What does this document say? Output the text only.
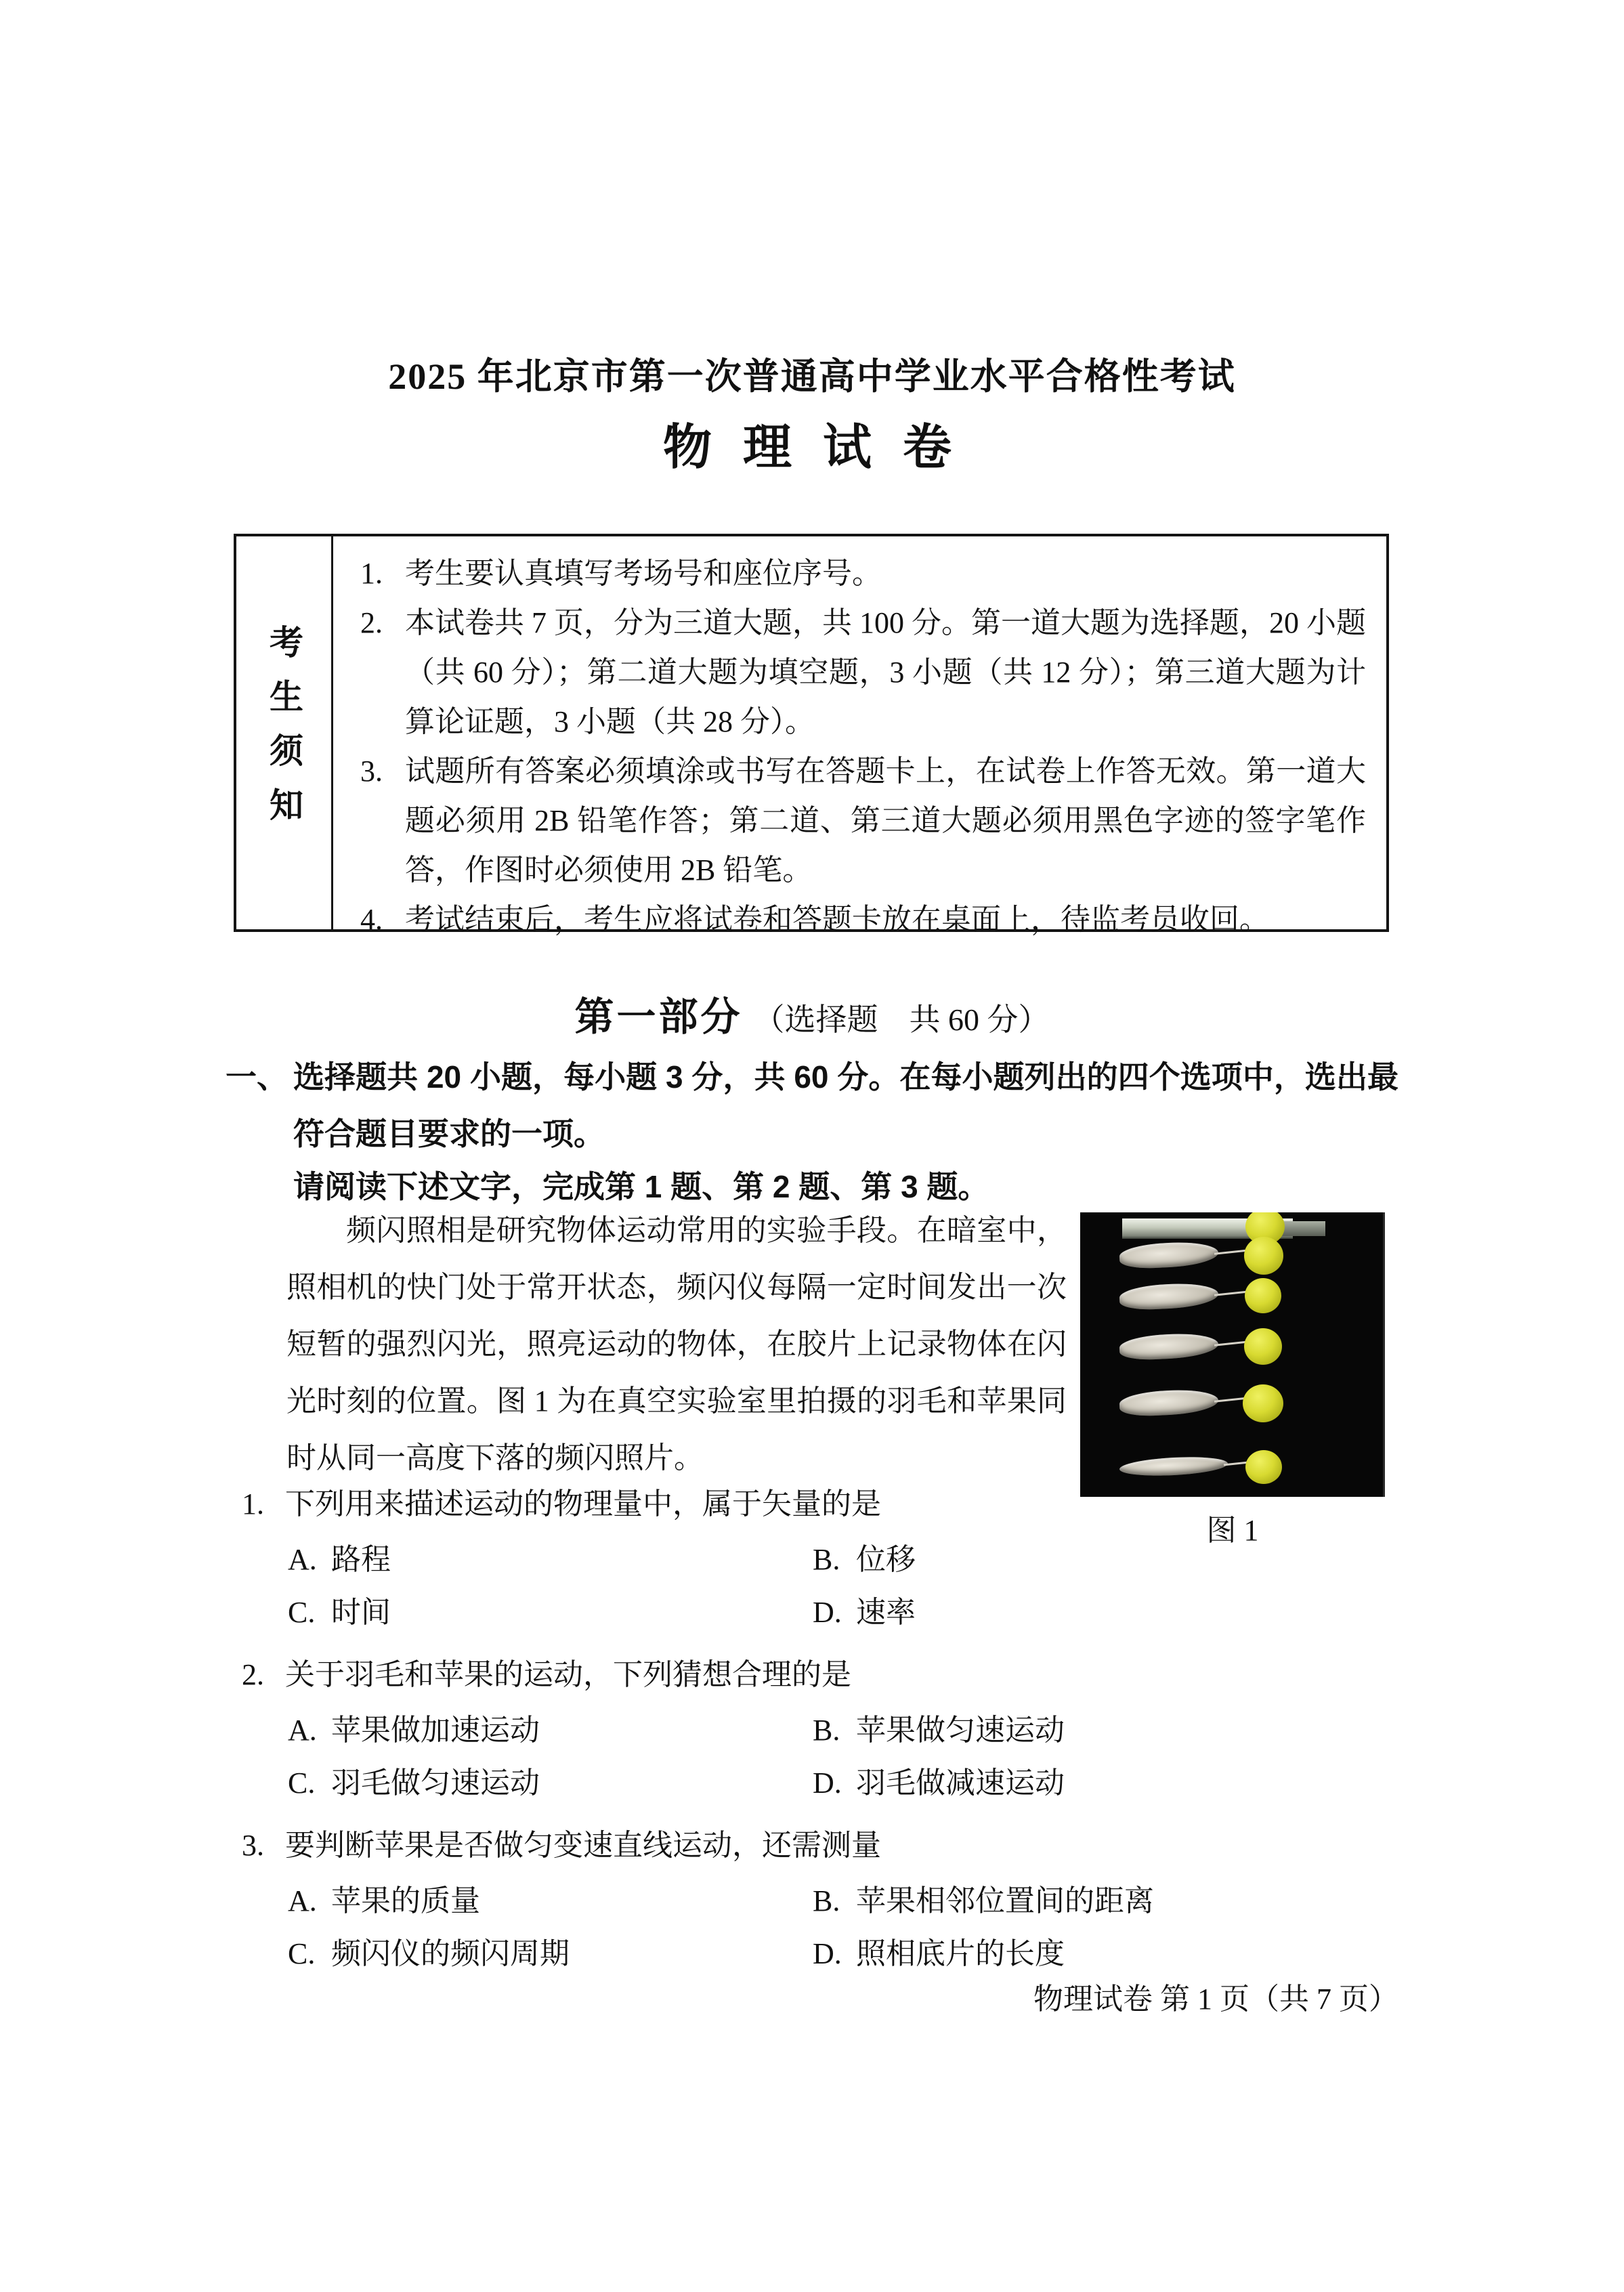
2025 年北京市第一次普通高中学业水平合格性考试
物 理 试 卷
考生须知
1. 考生要认真填写考场号和座位序号。
2. 本试卷共 7 页，分为三道大题，共 100 分。第一道大题为选择题，20 小题（共 60 分）；第二道大题为填空题，3 小题（共 12 分）；第三道大题为计算论证题，3 小题（共 28 分）。
3. 试题所有答案必须填涂或书写在答题卡上，在试卷上作答无效。第一道大题必须用 2B 铅笔作答；第二道、第三道大题必须用黑色字迹的签字笔作答，作图时必须使用 2B 铅笔。
4. 考试结束后，考生应将试卷和答题卡放在桌面上，待监考员收回。
第一部分 （选择题　共 60 分）
一、 选择题共 20 小题，每小题 3 分，共 60 分。在每小题列出的四个选项中，选出最符合题目要求的一项。
请阅读下述文字，完成第 1 题、第 2 题、第 3 题。
频闪照相是研究物体运动常用的实验手段。在暗室中，照相机的快门处于常开状态，频闪仪每隔一定时间发出一次短暂的强烈闪光，照亮运动的物体，在胶片上记录物体在闪光时刻的位置。图 1 为在真空实验室里拍摄的羽毛和苹果同时从同一高度下落的频闪照片。
图 1
1. 下列用来描述运动的物理量中，属于矢量的是
A. 路程	B. 位移
C. 时间	D. 速率
2. 关于羽毛和苹果的运动，下列猜想合理的是
A. 苹果做加速运动	B. 苹果做匀速运动
C. 羽毛做匀速运动	D. 羽毛做减速运动
3. 要判断苹果是否做匀变速直线运动，还需测量
A. 苹果的质量	B. 苹果相邻位置间的距离
C. 频闪仪的频闪周期	D. 照相底片的长度
物理试卷 第 1 页（共 7 页）
